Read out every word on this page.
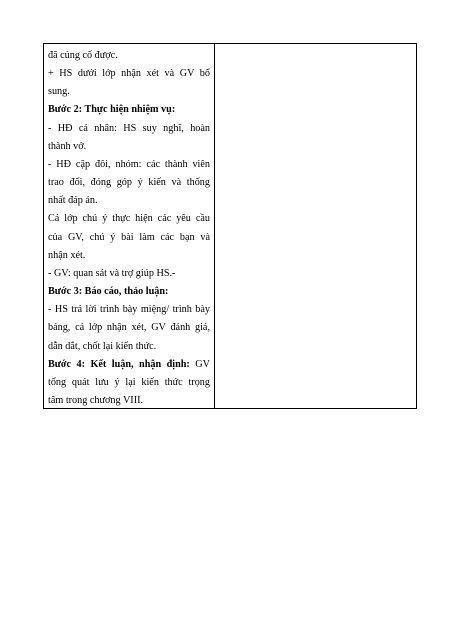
đã củng cố được.
+ HS dưới lớp nhận xét và GV bổ
sung.
Bước 2: Thực hiện nhiệm vụ:
- HĐ cá nhân: HS suy nghĩ, hoàn
thành vở.
- HĐ cặp đôi, nhóm: các thành viên
trao đổi, đóng góp ý kiến và thống
nhất đáp án.
Cả lớp chú ý thực hiện các yêu cầu
của GV, chú ý bài làm các bạn và
nhận xét.
- GV: quan sát và trợ giúp HS.-
Bước 3: Báo cáo, thảo luận:
- HS trả lời trình bày miệng/ trình bày
bảng, cả lớp nhận xét, GV đánh giá,
dẫn dắt, chốt lại kiến thức.
Bước 4: Kết luận, nhận định: GV
tổng quát lưu ý lại kiến thức trọng
tâm trong chương VIII.
